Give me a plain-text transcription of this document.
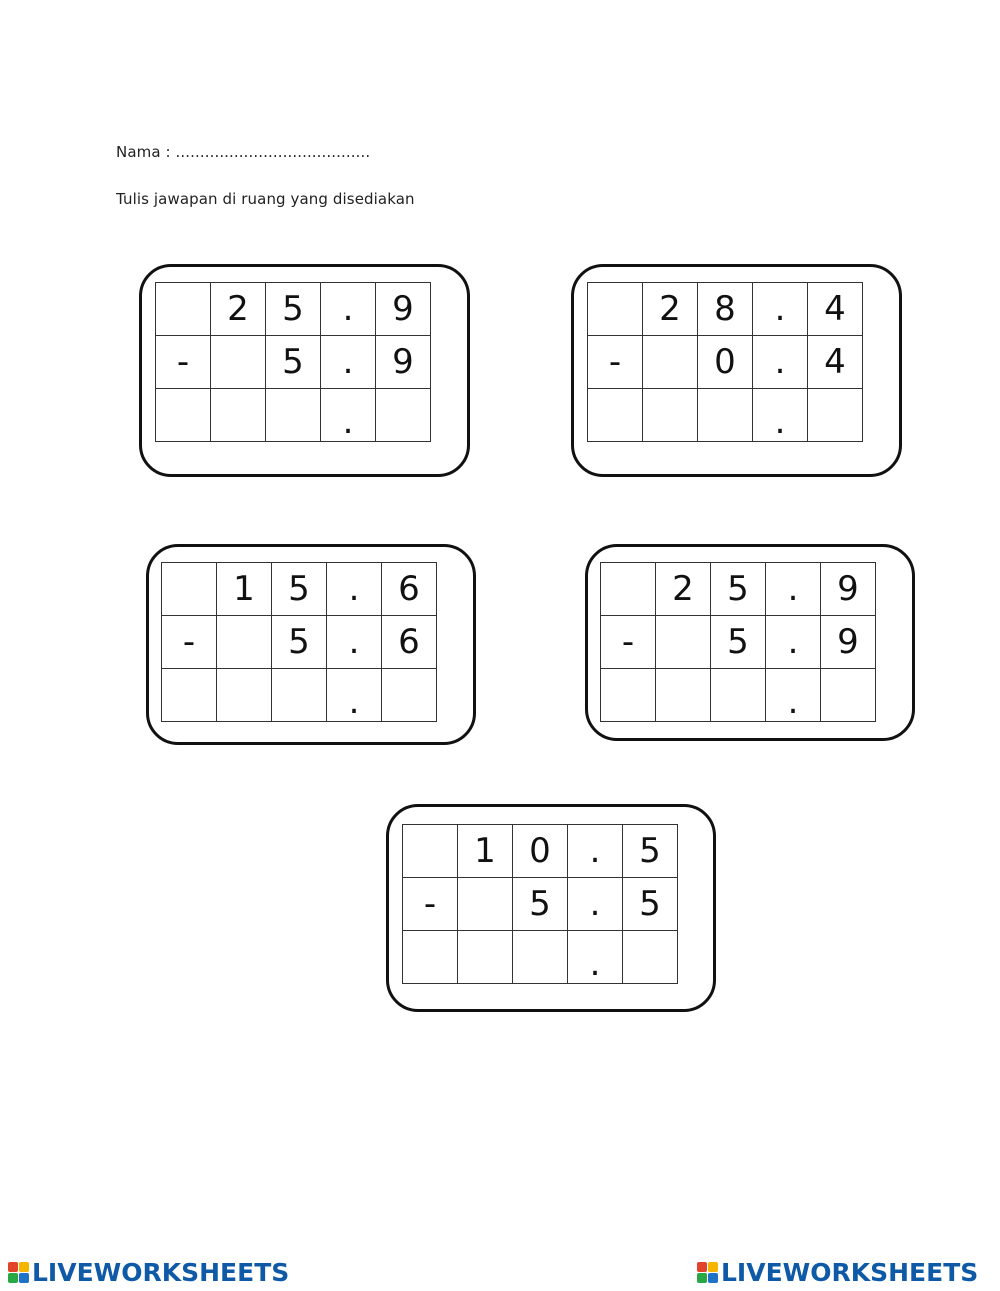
Nama : ........................................
Tulis jawapan di ruang yang disediakan
	2	5	.	9
-		5	.	9
			.	
	2	8	.	4
-		0	.	4
			.	
	1	5	.	6
-		5	.	6
			.	
	2	5	.	9
-		5	.	9
			.	
	1	0	.	5
-		5	.	5
			.	
LIVEWORKSHEETS	LIVEWORKSHEETS
